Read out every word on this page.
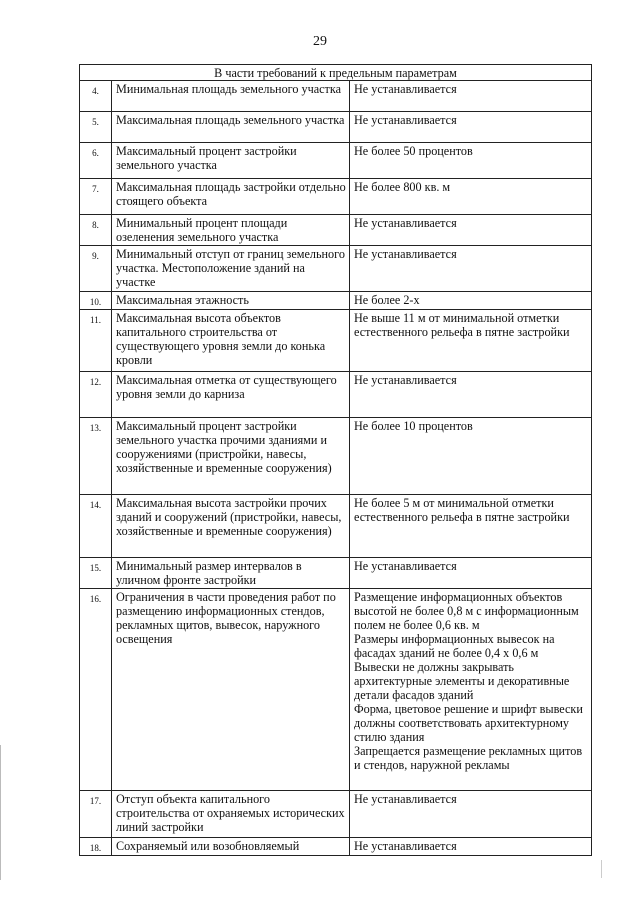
29
В части требований к предельным параметрам		
4.	Минимальная площадь земельного участка	Не устанавливается
5.	Максимальная площадь земельного участка	Не устанавливается
6.	Максимальный процент застройки земельного участка	Не более 50 процентов
7.	Максимальная площадь застройки отдельно стоящего объекта	Не более 800 кв. м
8.	Минимальный процент площади озеленения земельного участка	Не устанавливается
9.	Минимальный отступ от границ земельного участка. Местоположение зданий на участке	Не устанавливается
10.	Максимальная этажность	Не более 2-х
11.	Максимальная высота объектов капитального строительства от существующего уровня земли до конька кровли	Не выше 11 м от минимальной отметки естественного рельефа в пятне застройки
12.	Максимальная отметка от существующего уровня земли до карниза	Не устанавливается
13.	Максимальный процент застройки земельного участка прочими зданиями и сооружениями (пристройки, навесы, хозяйственные и временные сооружения)	Не более 10 процентов
14.	Максимальная высота застройки прочих зданий и сооружений (пристройки, навесы, хозяйственные и временные сооружения)	Не более 5 м от минимальной отметки естественного рельефа в пятне застройки
15.	Минимальный размер интервалов в уличном фронте застройки	Не устанавливается
16.	Ограничения в части проведения работ по размещению информационных стендов, рекламных щитов, вывесок, наружного освещения	Размещение информационных объектов высотой не более 0,8 м с информационным полем не более 0,6 кв. м
Размеры информационных вывесок на фасадах зданий не более 0,4 х 0,6 м
Вывески не должны закрывать архитектурные элементы и декоративные детали фасадов зданий
Форма, цветовое решение и шрифт вывески должны соответствовать архитектурному стилю здания
Запрещается размещение рекламных щитов и стендов, наружной рекламы
17.	Отступ объекта капитального строительства от охраняемых исторических линий застройки	Не устанавливается
18.	Сохраняемый или возобновляемый	Не устанавливается
